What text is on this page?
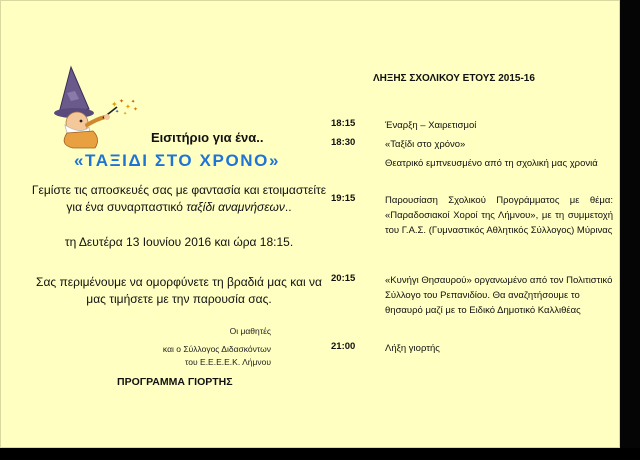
✦ ✦
✦
✦
✦ ✦
✦

Εισιτήριο για ένα..

«ΤΑΞΙΔΙ ΣΤΟ ΧΡΟΝΟ»

Γεμίστε τις αποσκευές σας με φαντασία και ετοιμαστείτε για ένα συναρπαστικό ταξίδι αναμνήσεων..

τη Δευτέρα 13 Ιουνίου 2016 και ώρα 18:15.

Σας περιμένουμε να ομορφύνετε τη βραδιά μας και να μας τιμήσετε με την παρουσία σας.

Οι μαθητές

και ο Σύλλογος Διδασκόντων

του Ε.Ε.Ε.Ε.Κ. Λήμνου

ΠΡΟΓΡΑΜΜΑ ΓΙΟΡΤΗΣ

ΛΗΞΗΣ ΣΧΟΛΙΚΟΥ ΕΤΟΥΣ 2015-16

18:15	Έναρξη – Χαιρετισμοί

18:30	«Ταξίδι στο χρόνο»

Θεατρικό εμπνευσμένο από τη σχολική μας χρονιά

19:15	Παρουσίαση Σχολικού Προγράμματος με θέμα: «Παραδοσιακοί Χοροί της Λήμνου», με τη συμμετοχή του Γ.Α.Σ. (Γυμναστικός Αθλητικός Σύλλογος) Μύρινας

20:15	«Κυνήγι Θησαυρού» οργανωμένο από τον Πολιτιστικό Σύλλογο του Ρεπανιδίου. Θα αναζητήσουμε το θησαυρό μαζί με το Ειδικό Δημοτικό Καλλιθέας

21:00	Λήξη γιορτής
